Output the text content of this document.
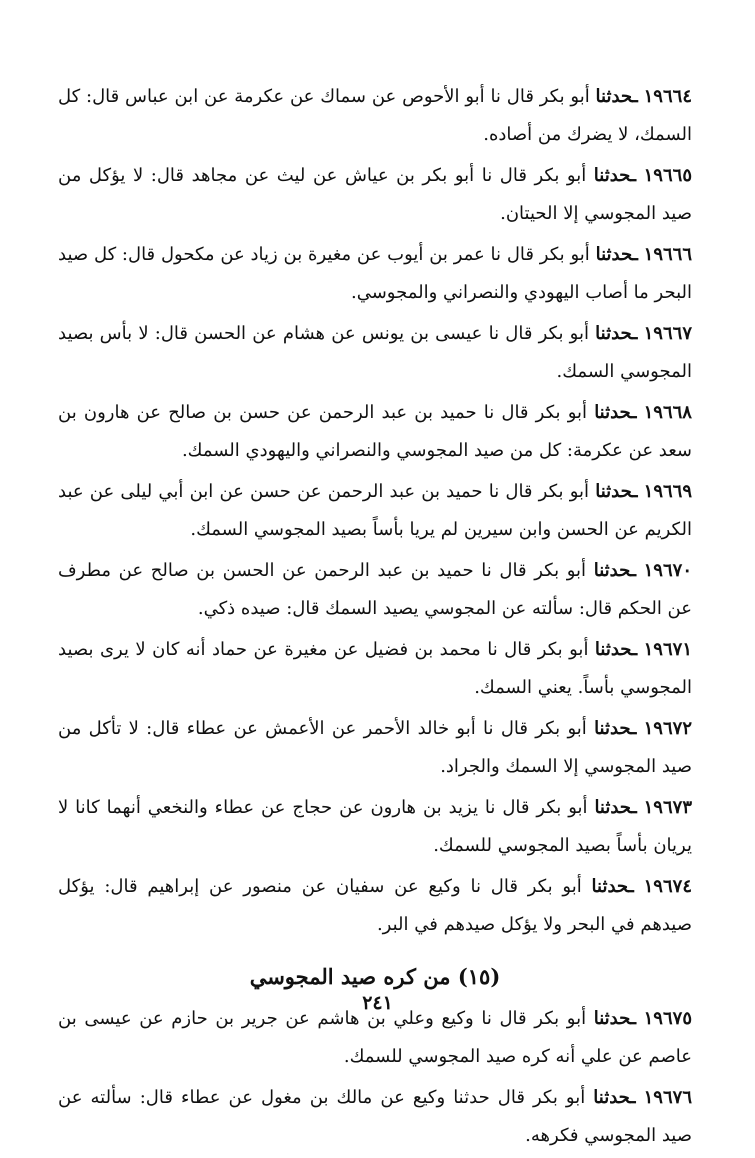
١٩٦٦٤ ـحدثنا أبو بكر قال نا أبو الأحوص عن سماك عن عكرمة عن ابن عباس قال: كل السمك، لا يضرك من أصاده.
١٩٦٦٥ ـحدثنا أبو بكر قال نا أبو بكر بن عياش عن ليث عن مجاهد قال: لا يؤكل من صيد المجوسي إلا الحيتان.
١٩٦٦٦ ـحدثنا أبو بكر قال نا عمر بن أيوب عن مغيرة بن زياد عن مكحول قال: كل صيد البحر ما أصاب اليهودي والنصراني والمجوسي.
١٩٦٦٧ ـحدثنا أبو بكر قال نا عيسى بن يونس عن هشام عن الحسن قال: لا بأس بصيد المجوسي السمك.
١٩٦٦٨ ـحدثنا أبو بكر قال نا حميد بن عبد الرحمن عن حسن بن صالح عن هارون بن سعد عن عكرمة: كل من صيد المجوسي والنصراني واليهودي السمك.
١٩٦٦٩ ـحدثنا أبو بكر قال نا حميد بن عبد الرحمن عن حسن عن ابن أبي ليلى عن عبد الكريم عن الحسن وابن سيرين لم يريا بأساً بصيد المجوسي السمك.
١٩٦٧٠ ـحدثنا أبو بكر قال نا حميد بن عبد الرحمن عن الحسن بن صالح عن مطرف عن الحكم قال: سألته عن المجوسي يصيد السمك قال: صيده ذكي.
١٩٦٧١ ـحدثنا أبو بكر قال نا محمد بن فضيل عن مغيرة عن حماد أنه كان لا يرى بصيد المجوسي بأساً. يعني السمك.
١٩٦٧٢ ـحدثنا أبو بكر قال نا أبو خالد الأحمر عن الأعمش عن عطاء قال: لا تأكل من صيد المجوسي إلا السمك والجراد.
١٩٦٧٣ ـحدثنا أبو بكر قال نا يزيد بن هارون عن حجاج عن عطاء والنخعي أنهما كانا لا يريان بأساً بصيد المجوسي للسمك.
١٩٦٧٤ ـحدثنا أبو بكر قال نا وكيع عن سفيان عن منصور عن إبراهيم قال: يؤكل صيدهم في البحر ولا يؤكل صيدهم في البر.
(١٥) من كره صيد المجوسي
١٩٦٧٥ ـحدثنا أبو بكر قال نا وكيع وعلي بن هاشم عن جرير بن حازم عن عيسى بن عاصم عن علي أنه كره صيد المجوسي للسمك.
١٩٦٧٦ ـحدثنا أبو بكر قال حدثنا وكيع عن مالك بن مغول عن عطاء قال: سألته عن صيد المجوسي فكرهه.
٢٤١
